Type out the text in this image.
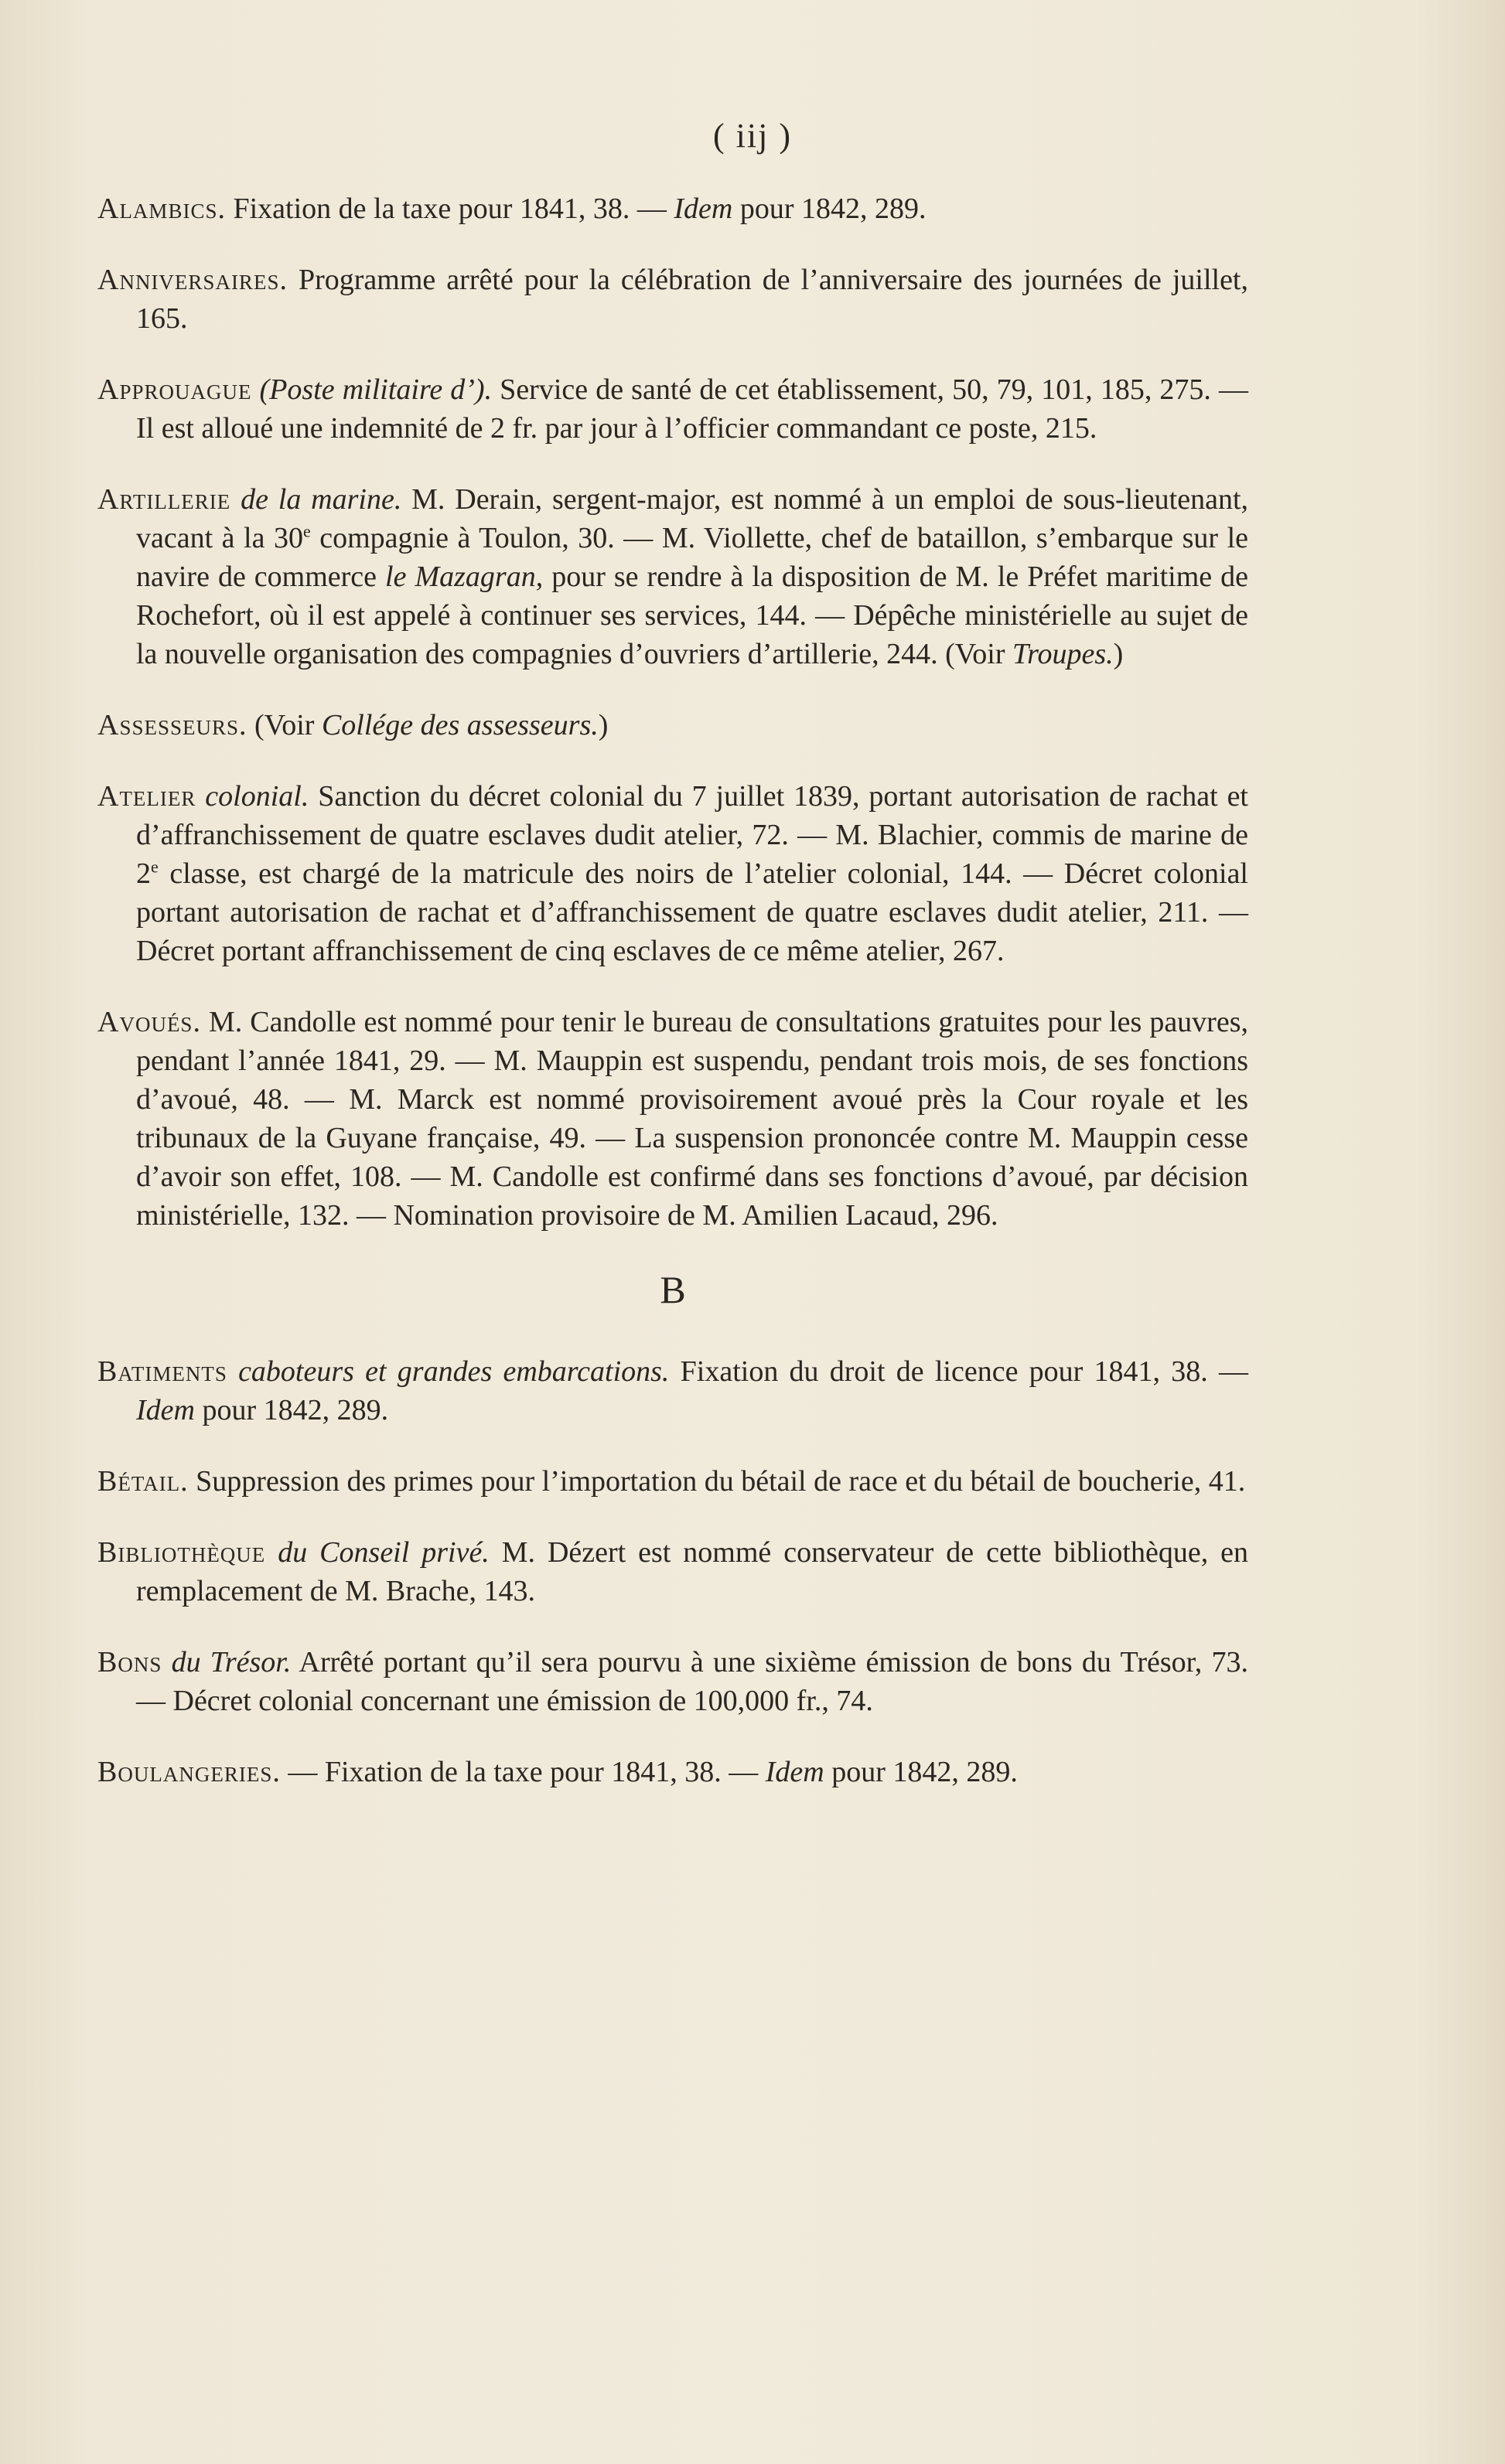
( iij )

Alambics. Fixation de la taxe pour 1841, 38. — Idem pour 1842, 289.

Anniversaires. Programme arrêté pour la célébration de l’anniversaire des journées de juillet, 165.

Approuague (Poste militaire d’). Service de santé de cet établissement, 50, 79, 101, 185, 275. — Il est alloué une indemnité de 2 fr. par jour à l’officier commandant ce poste, 215.

Artillerie de la marine. M. Derain, sergent-major, est nommé à un emploi de sous-lieutenant, vacant à la 30e compagnie à Toulon, 30. — M. Viollette, chef de bataillon, s’embarque sur le navire de commerce le Mazagran, pour se rendre à la disposition de M. le Préfet maritime de Rochefort, où il est appelé à continuer ses services, 144. — Dépêche ministérielle au sujet de la nouvelle organisation des compagnies d’ouvriers d’artillerie, 244. (Voir Troupes.)

Assesseurs. (Voir Collége des assesseurs.)

Atelier colonial. Sanction du décret colonial du 7 juillet 1839, portant autorisation de rachat et d’affranchissement de quatre esclaves dudit atelier, 72. — M. Blachier, commis de marine de 2e classe, est chargé de la matricule des noirs de l’atelier colonial, 144. — Décret colonial portant autorisation de rachat et d’affranchissement de quatre esclaves dudit atelier, 211. — Décret portant affranchissement de cinq esclaves de ce même atelier, 267.

Avoués. M. Candolle est nommé pour tenir le bureau de consultations gratuites pour les pauvres, pendant l’année 1841, 29. — M. Mauppin est suspendu, pendant trois mois, de ses fonctions d’avoué, 48. — M. Marck est nommé provisoirement avoué près la Cour royale et les tribunaux de la Guyane française, 49. — La suspension prononcée contre M. Mauppin cesse d’avoir son effet, 108. — M. Candolle est confirmé dans ses fonctions d’avoué, par décision ministérielle, 132. — Nomination provisoire de M. Amilien Lacaud, 296.

B

Batiments caboteurs et grandes embarcations. Fixation du droit de licence pour 1841, 38. — Idem pour 1842, 289.

Bétail. Suppression des primes pour l’importation du bétail de race et du bétail de boucherie, 41.

Bibliothèque du Conseil privé. M. Dézert est nommé conservateur de cette bibliothèque, en remplacement de M. Brache, 143.

Bons du Trésor. Arrêté portant qu’il sera pourvu à une sixième émission de bons du Trésor, 73. — Décret colonial concernant une émission de 100,000 fr., 74.

Boulangeries. — Fixation de la taxe pour 1841, 38. — Idem pour 1842, 289.
